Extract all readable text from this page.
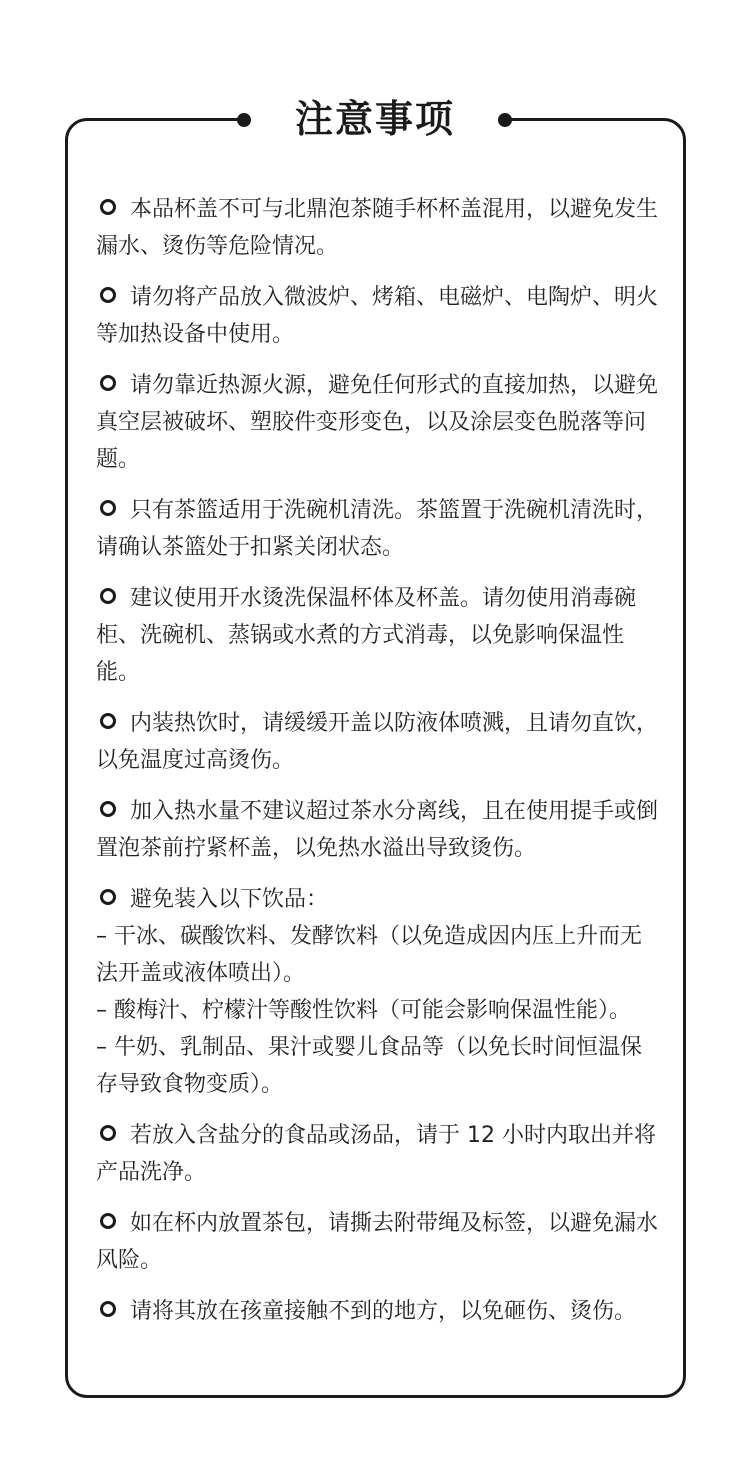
注意事项

本品杯盖不可与北鼎泡茶随手杯杯盖混用，以避免发生漏水、烫伤等危险情况。

请勿将产品放入微波炉、烤箱、电磁炉、电陶炉、明火等加热设备中使用。

请勿靠近热源火源，避免任何形式的直接加热，以避免真空层被破坏、塑胶件变形变色，以及涂层变色脱落等问题。

只有茶篮适用于洗碗机清洗。茶篮置于洗碗机清洗时，请确认茶篮处于扣紧关闭状态。

建议使用开水烫洗保温杯体及杯盖。请勿使用消毒碗柜、洗碗机、蒸锅或水煮的方式消毒，以免影响保温性能。

内装热饮时，请缓缓开盖以防液体喷溅，且请勿直饮，以免温度过高烫伤。

加入热水量不建议超过茶水分离线，且在使用提手或倒置泡茶前拧紧杯盖，以免热水溢出导致烫伤。

避免装入以下饮品：

– 干冰、碳酸饮料、发酵饮料（以免造成因内压上升而无法开盖或液体喷出）。

– 酸梅汁、柠檬汁等酸性饮料（可能会影响保温性能）。

– 牛奶、乳制品、果汁或婴儿食品等（以免长时间恒温保存导致食物变质）。

若放入含盐分的食品或汤品，请于 12 小时内取出并将产品洗净。

如在杯内放置茶包，请撕去附带绳及标签，以避免漏水风险。

请将其放在孩童接触不到的地方，以免砸伤、烫伤。
